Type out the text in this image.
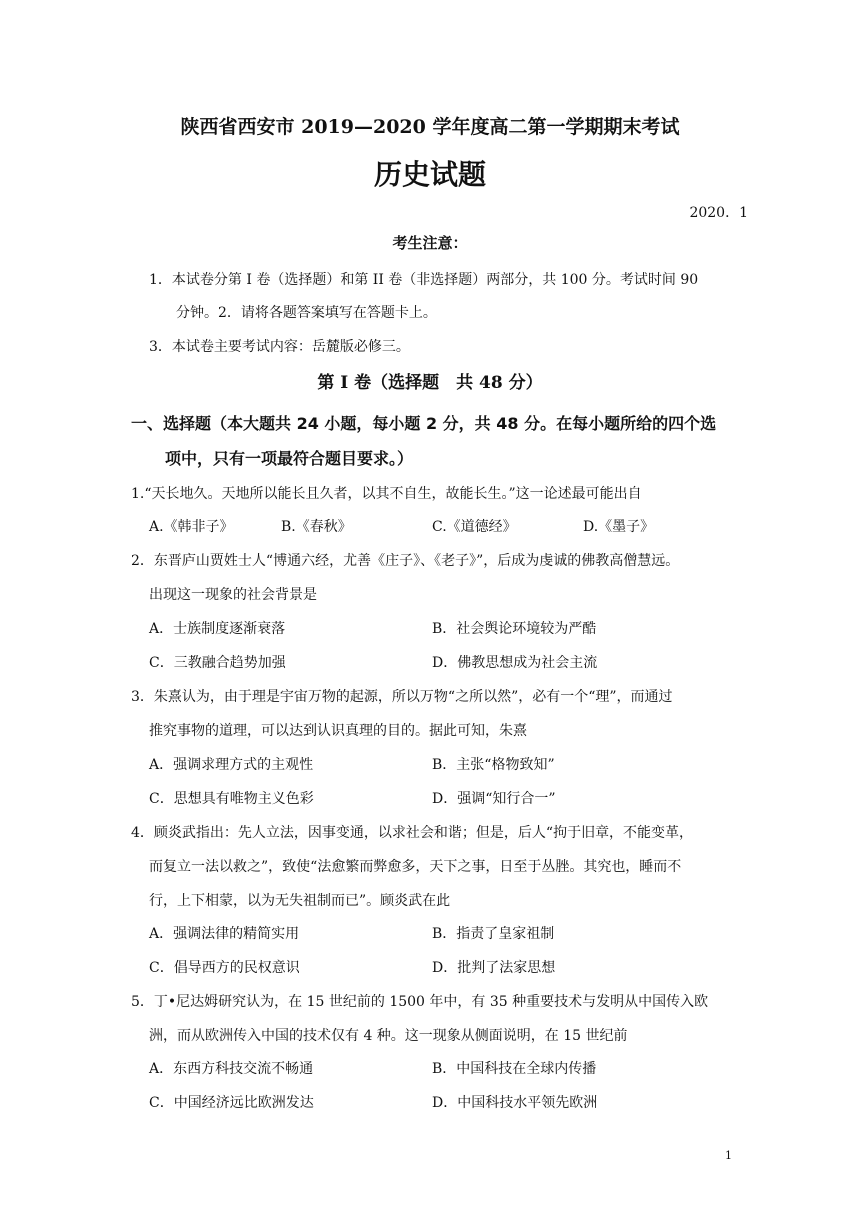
陕西省西安市 2019—2020 学年度高二第一学期期末考试
历史试题
2020．1
考生注意：
1．本试卷分第 I 卷（选择题）和第 II 卷（非选择题）两部分，共 100 分。考试时间 90
分钟。2．请将各题答案填写在答题卡上。
3．本试卷主要考试内容：岳麓版必修三。
第 I 卷（选择题　共 48 分）
一、选择题（本大题共 24 小题，每小题 2 分，共 48 分。在每小题所给的四个选
项中，只有一项最符合题目要求。）
1.“天长地久。天地所以能长且久者，以其不自生，故能长生。”这一论述最可能出自
A.《韩非子》	B.《春秋》	C.《道德经》	D.《墨子》
2．东晋庐山贾姓士人“博通六经，尤善《庄子》、《老子》”，后成为虔诚的佛教高僧慧远。
出现这一现象的社会背景是
A．士族制度逐渐衰落	B．社会舆论环境较为严酷
C．三教融合趋势加强	D．佛教思想成为社会主流
3．朱熹认为，由于理是宇宙万物的起源，所以万物“之所以然”，必有一个“理”，而通过
推究事物的道理，可以达到认识真理的目的。据此可知，朱熹
A．强调求理方式的主观性	B．主张“格物致知”
C．思想具有唯物主义色彩	D．强调“知行合一”
4．顾炎武指出：先人立法，因事变通，以求社会和谐；但是，后人“拘于旧章，不能变革，
而复立一法以救之”，致使“法愈繁而弊愈多，天下之事，日至于丛脞。其究也，睡而不
行，上下相蒙，以为无失祖制而已”。顾炎武在此
A．强调法律的精简实用	B．指责了皇家祖制
C．倡导西方的民权意识	D．批判了法家思想
5．丁•尼达姆研究认为，在 15 世纪前的 1500 年中，有 35 种重要技术与发明从中国传入欧
洲，而从欧洲传入中国的技术仅有 4 种。这一现象从侧面说明，在 15 世纪前
A．东西方科技交流不畅通	B．中国科技在全球内传播
C．中国经济远比欧洲发达	D．中国科技水平领先欧洲
1
